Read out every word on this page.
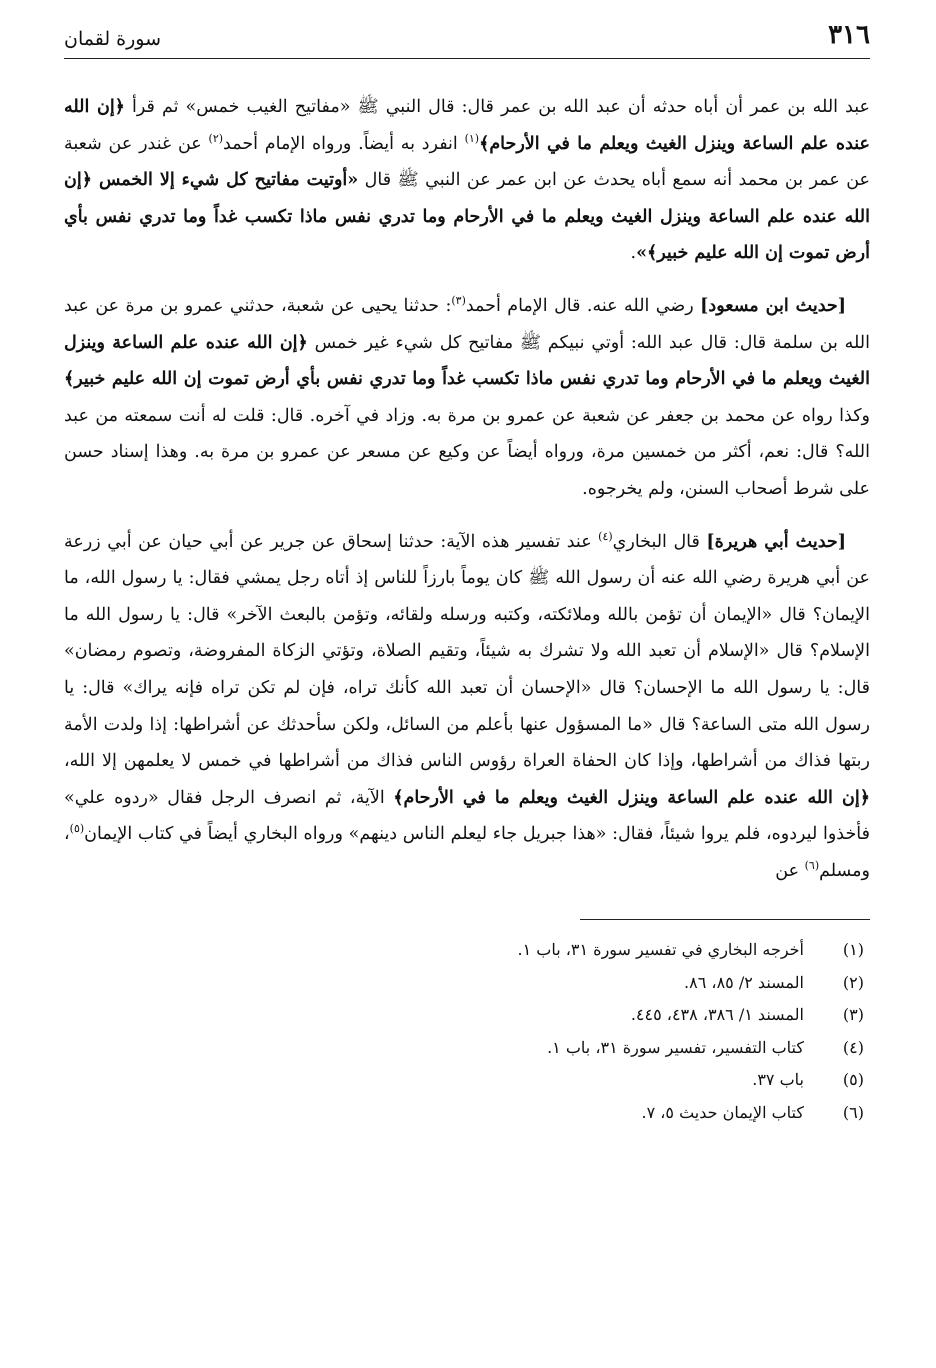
٣١٦
سورة لقمان

عبد الله بن عمر أن أباه حدثه أن عبد الله بن عمر قال: قال النبي ﷺ «مفاتيح الغيب خمس» ثم قرأ ﴿إن الله عنده علم الساعة وينزل الغيث ويعلم ما في الأرحام﴾$^{(١)}$ انفرد به أيضاً. ورواه الإمام أحمد$^{(٢)}$ عن غندر عن شعبة عن عمر بن محمد أنه سمع أباه يحدث عن ابن عمر عن النبي ﷺ قال «أوتيت مفاتيح كل شيء إلا الخمس ﴿إن الله عنده علم الساعة وينزل الغيث ويعلم ما في الأرحام وما تدري نفس ماذا تكسب غداً وما تدري نفس بأي أرض تموت إن الله عليم خبير﴾».

[حديث ابن مسعود] رضي الله عنه. قال الإمام أحمد$^{(٣)}$: حدثنا يحيى عن شعبة، حدثني عمرو بن مرة عن عبد الله بن سلمة قال: قال عبد الله: أوتي نبيكم ﷺ مفاتيح كل شيء غير خمس ﴿إن الله عنده علم الساعة وينزل الغيث ويعلم ما في الأرحام وما تدري نفس ماذا تكسب غداً وما تدري نفس بأي أرض تموت إن الله عليم خبير﴾ وكذا رواه عن محمد بن جعفر عن شعبة عن عمرو بن مرة به. وزاد في آخره. قال: قلت له أنت سمعته من عبد الله؟ قال: نعم، أكثر من خمسين مرة، ورواه أيضاً عن وكيع عن مسعر عن عمرو بن مرة به. وهذا إسناد حسن على شرط أصحاب السنن، ولم يخرجوه.

[حديث أبي هريرة] قال البخاري$^{(٤)}$ عند تفسير هذه الآية: حدثنا إسحاق عن جرير عن أبي حيان عن أبي زرعة عن أبي هريرة رضي الله عنه أن رسول الله ﷺ كان يوماً بارزاً للناس إذ أتاه رجل يمشي فقال: يا رسول الله، ما الإيمان؟ قال «الإيمان أن تؤمن بالله وملائكته، وكتبه ورسله ولقائه، وتؤمن بالبعث الآخر» قال: يا رسول الله ما الإسلام؟ قال «الإسلام أن تعبد الله ولا تشرك به شيئاً، وتقيم الصلاة، وتؤتي الزكاة المفروضة، وتصوم رمضان» قال: يا رسول الله ما الإحسان؟ قال «الإحسان أن تعبد الله كأنك تراه، فإن لم تكن تراه فإنه يراك» قال: يا رسول الله متى الساعة؟ قال «ما المسؤول عنها بأعلم من السائل، ولكن سأحدثك عن أشراطها: إذا ولدت الأمة ربتها فذاك من أشراطها، وإذا كان الحفاة العراة رؤوس الناس فذاك من أشراطها في خمس لا يعلمهن إلا الله، ﴿إن الله عنده علم الساعة وينزل الغيث ويعلم ما في الأرحام﴾ الآية، ثم انصرف الرجل فقال «ردوه علي» فأخذوا ليردوه، فلم يروا شيئاً، فقال: «هذا جبريل جاء ليعلم الناس دينهم» ورواه البخاري أيضاً في كتاب الإيمان$^{(٥)}$، ومسلم$^{(٦)}$ عن

(١)
أخرجه البخاري في تفسير سورة ٣١، باب ١.
(٢)
المسند ٢/ ٨٥، ٨٦.
(٣)
المسند ١/ ٣٨٦، ٤٣٨، ٤٤٥.
(٤)
كتاب التفسير، تفسير سورة ٣١، باب ١.
(٥)
باب ٣٧.
(٦)
كتاب الإيمان حديث ٥، ٧.
